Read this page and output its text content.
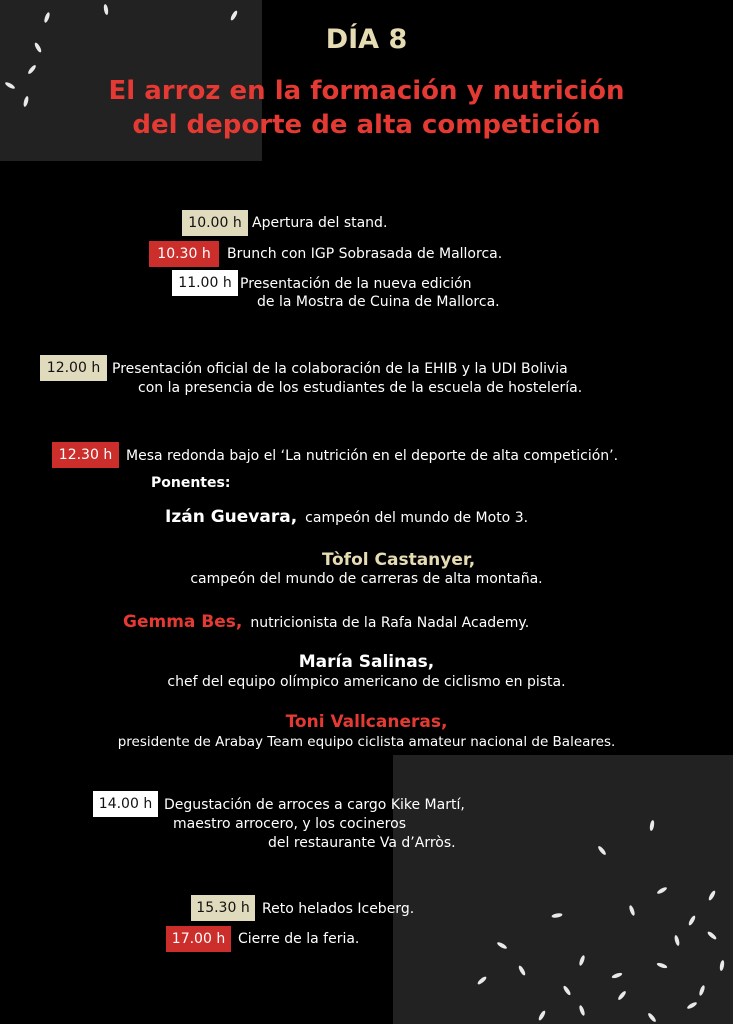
DÍA 8
El arroz en la formación y nutrición
del deporte de alta competición
10.00 h Apertura del stand.
10.30 h	Brunch con IGP Sobrasada de Mallorca.
11.00 h Presentación de la nueva edición
de la Mostra de Cuina de Mallorca.
12.00 h Presentación oficial de la colaboración de la EHIB y la UDI Bolivia
con la presencia de los estudiantes de la escuela de hostelería.
12.30 h Mesa redonda bajo el ‘La nutrición en el deporte de alta competición’.
Ponentes:
Izán Guevara, campeón del mundo de Moto 3.
Tòfol Castanyer,
campeón del mundo de carreras de alta montaña.
Gemma Bes, nutricionista de la Rafa Nadal Academy.
María Salinas,
chef del equipo olímpico americano de ciclismo en pista.
Toni Vallcaneras,
presidente de Arabay Team equipo ciclista amateur nacional de Baleares.
14.00 h Degustación de arroces a cargo Kike Martí,
maestro arrocero, y los cocineros
del restaurante Va d’Arròs.
15.30 h Reto helados Iceberg.
17.00 h Cierre de la feria.
